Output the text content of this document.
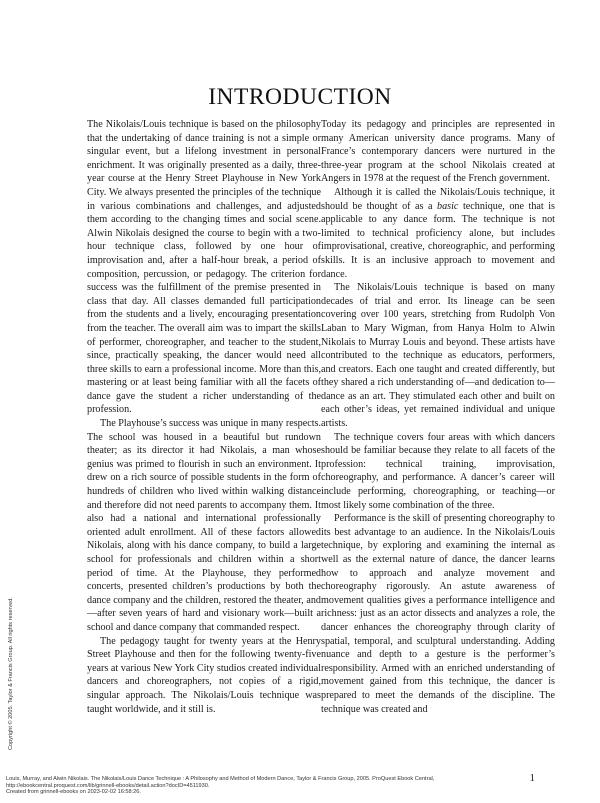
INTRODUCTION

The Nikolais/Louis technique is based on the philosophy that the undertaking of dance training is not a simple or singular event, but a lifelong investment in personal enrichment. It was originally presented as a daily, three-year course at the Henry Street Playhouse in New York City. We always presented the principles of the technique in various combinations and challenges, and adjusted them according to the changing times and social scene. Alwin Nikolais designed the course to begin with a two-hour technique class, followed by one hour of improvisation and, after a half-hour break, a period of composition, percussion, or pedagogy. The criterion for success was the fulfillment of the premise presented in class that day. All classes demanded full participation from the students and a lively, encouraging presentation from the teacher. The overall aim was to impart the skills of performer, choreographer, and teacher to the student, since, practically speaking, the dancer would need all three skills to earn a professional income. More than this, mastering or at least being familiar with all the facets of dance gave the student a richer understanding of the profession.

The Playhouse’s success was unique in many respects. The school was housed in a beautiful but rundown theater; as its director it had Nikolais, a man whose genius was primed to flourish in such an environment. It drew on a rich source of possible students in the form of hundreds of children who lived within walking distance and therefore did not need parents to accompany them. It also had a national and international professionally oriented adult enrollment. All of these factors allowed Nikolais, along with his dance company, to build a large school for professionals and children within a short period of time. At the Playhouse, they performed concerts, presented children’s productions by both the dance company and the children, restored the theater, and—after seven years of hard and visionary work—built a school and dance company that commanded respect.

The pedagogy taught for twenty years at the Henry Street Playhouse and then for the following twenty-five years at various New York City studios created individual dancers and choreographers, not copies of a rigid, singular approach. The Nikolais/Louis technique was taught worldwide, and it still is.

Today its pedagogy and principles are represented in many American university dance programs. Many of France’s contemporary dancers were nurtured in the three-year program at the school Nikolais created at Angers in 1978 at the request of the French government.

Although it is called the Nikolais/Louis technique, it should be thought of as a basic technique, one that is applicable to any dance form. The technique is not limited to technical proficiency alone, but includes improvisational, creative, choreographic, and performing skills. It is an inclusive approach to movement and dance.

The Nikolais/Louis technique is based on many decades of trial and error. Its lineage can be seen covering over 100 years, stretching from Rudolph Von Laban to Mary Wigman, from Hanya Holm to Alwin Nikolais to Murray Louis and beyond. These artists have contributed to the technique as educators, performers, and creators. Each one taught and created differently, but they shared a rich understanding of—and dedication to—dance as an art. They stimulated each other and built on each other’s ideas, yet remained individual and unique artists.

The technique covers four areas with which dancers should be familiar because they relate to all facets of the profession: technical training, improvisation, choreography, and performance. A dancer’s career will include performing, choreographing, or teaching—or most likely some combination of the three.

Performance is the skill of presenting choreography to its best advantage to an audience. In the Nikolais/Louis technique, by exploring and examining the internal as well as the external nature of dance, the dancer learns how to approach and analyze movement and choreography rigorously. An astute awareness of movement qualities gives a performance intelligence and richness: just as an actor dissects and analyzes a role, the dancer enhances the choreography through clarity of spatial, temporal, and sculptural understanding. Adding nuance and depth to a gesture is the performer’s responsibility. Armed with an enriched understanding of movement gained from this technique, the dancer is prepared to meet the demands of the discipline. The technique was created and

1
Copyright © 2005. Taylor & Francis Group. All rights reserved.
Louis, Murray, and Alwin Nikolais. The Nikolais/Louis Dance Technique : A Philosophy and Method of Modern Dance, Taylor & Francis Group, 2005. ProQuest Ebook Central,
http://ebookcentral.proquest.com/lib/grinnell-ebooks/detail.action?docID=4511930.
Created from grinnell-ebooks on 2023-02-02 16:58:26.
